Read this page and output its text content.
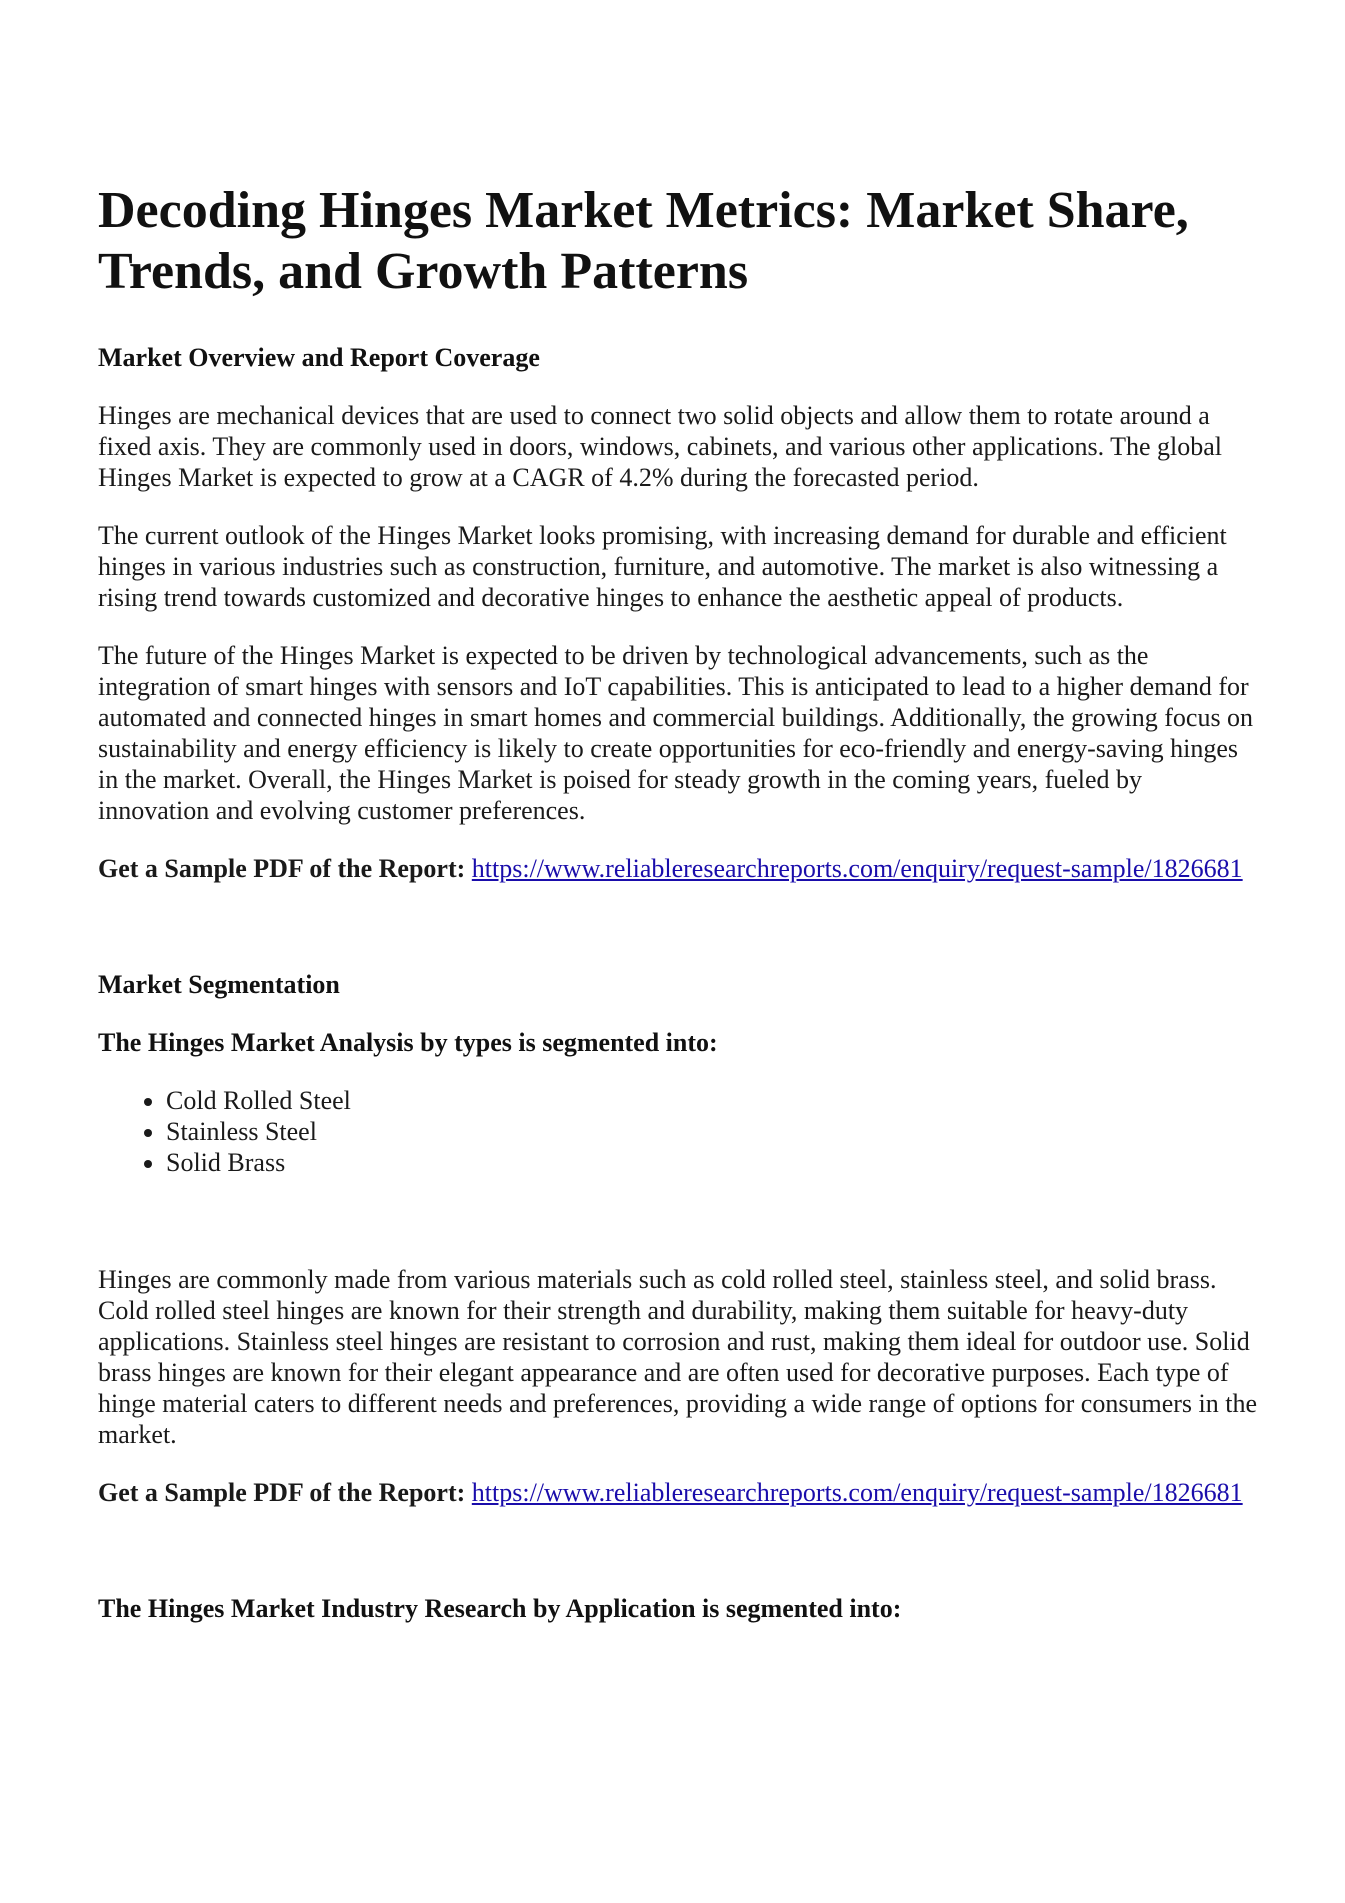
Decoding Hinges Market Metrics: Market Share, Trends, and Growth Patterns
Market Overview and Report Coverage

Hinges are mechanical devices that are used to connect two solid objects and allow them to rotate around a fixed axis. They are commonly used in doors, windows, cabinets, and various other applications. The global Hinges Market is expected to grow at a CAGR of 4.2% during the forecasted period.

The current outlook of the Hinges Market looks promising, with increasing demand for durable and efficient hinges in various industries such as construction, furniture, and automotive. The market is also witnessing a rising trend towards customized and decorative hinges to enhance the aesthetic appeal of products.

The future of the Hinges Market is expected to be driven by technological advancements, such as the integration of smart hinges with sensors and IoT capabilities. This is anticipated to lead to a higher demand for automated and connected hinges in smart homes and commercial buildings. Additionally, the growing focus on sustainability and energy efficiency is likely to create opportunities for eco-friendly and energy-saving hinges in the market. Overall, the Hinges Market is poised for steady growth in the coming years, fueled by innovation and evolving customer preferences.

Get a Sample PDF of the Report: https://www.reliableresearchreports.com/enquiry/request-sample/1826681

Market Segmentation
The Hinges Market Analysis by types is segmented into:
• Cold Rolled Steel
• Stainless Steel
• Solid Brass

Hinges are commonly made from various materials such as cold rolled steel, stainless steel, and solid brass. Cold rolled steel hinges are known for their strength and durability, making them suitable for heavy-duty applications. Stainless steel hinges are resistant to corrosion and rust, making them ideal for outdoor use. Solid brass hinges are known for their elegant appearance and are often used for decorative purposes. Each type of hinge material caters to different needs and preferences, providing a wide range of options for consumers in the market.

Get a Sample PDF of the Report: https://www.reliableresearchreports.com/enquiry/request-sample/1826681

The Hinges Market Industry Research by Application is segmented into:
